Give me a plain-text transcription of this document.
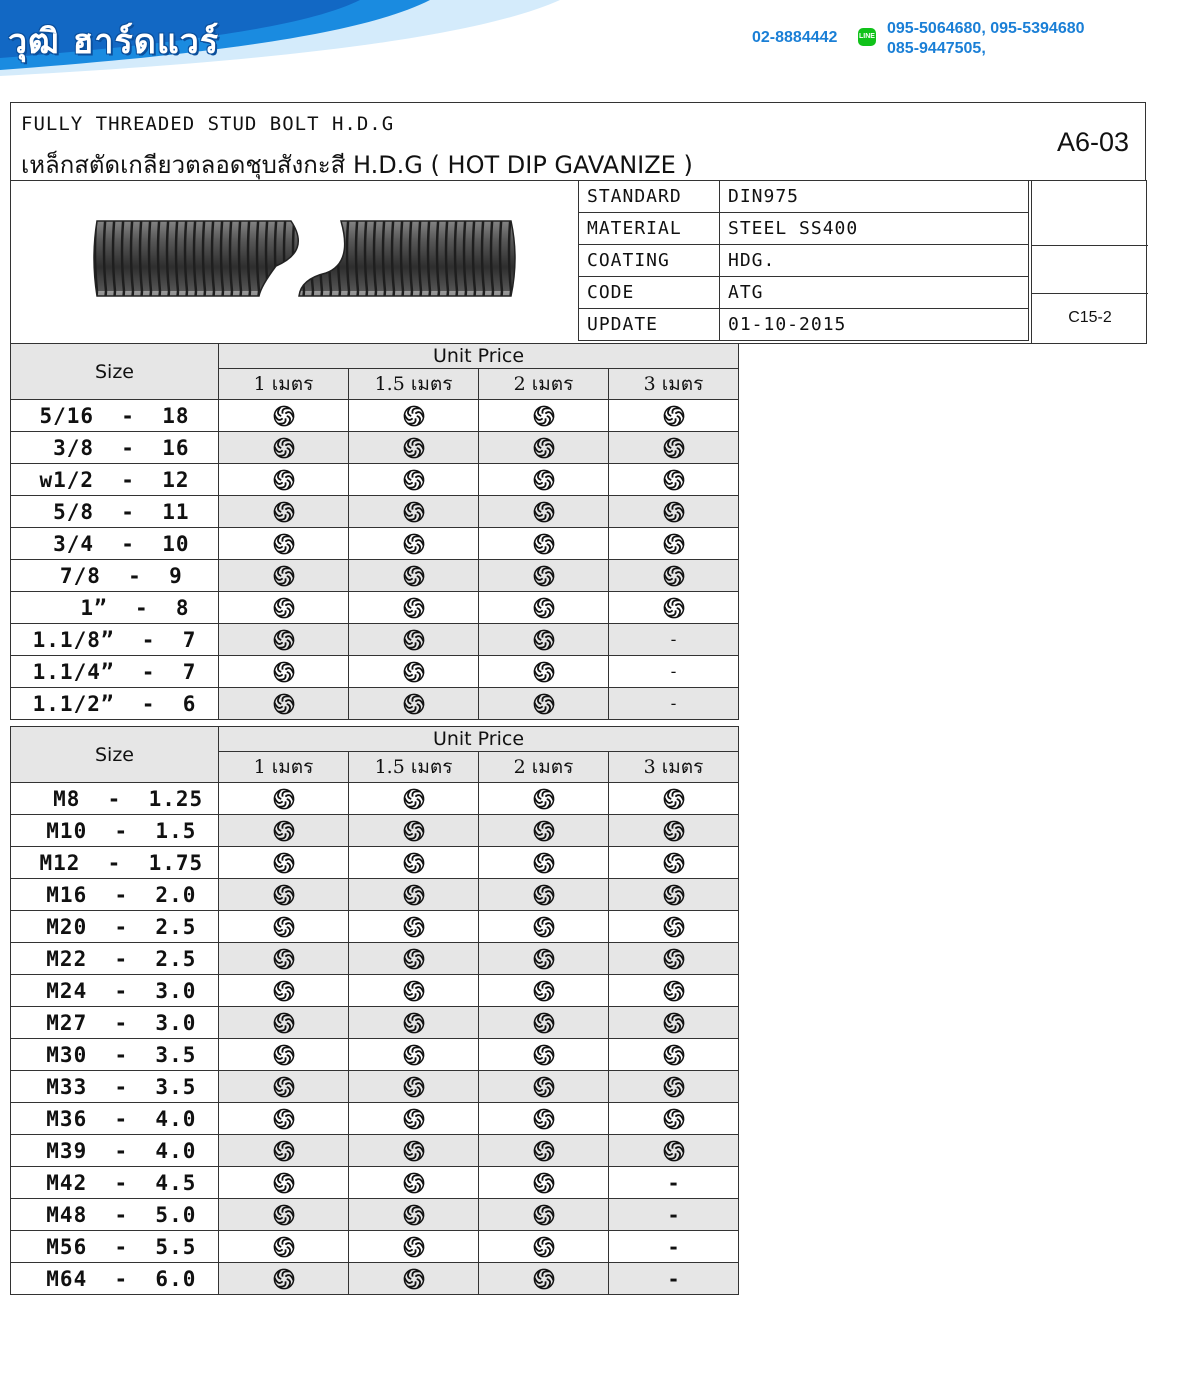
วุฒิ ฮาร์ดแวร์	02-8884442	LINE 095-5064680, 095-5394680
085-9447505,
FULLY THREADED STUD BOLT H.D.G
เหล็กสตัดเกลียวตลอดชุบสังกะสี H.D.G ( HOT DIP GAVANIZE )
A6-03
STANDARD	DIN975
MATERIAL	STEEL SS400
COATING	HDG.
CODE	ATG
UPDATE	01-10-2015	C15-2
Size	Unit Price			
	1 เมตร	1.5 เมตร	2 เมตร	3 เมตร
5/16  -  18				
3/8  -  16				
w1/2  -  12				
5/8  -  11				
3/4  -  10				
7/8  -  9				
1”  -  8				
1.1/8”  -  7				-
1.1/4”  -  7				-
1.1/2”  -  6				-
Size	Unit Price			
	1 เมตร	1.5 เมตร	2 เมตร	3 เมตร
M8  -  1.25				
M10  -  1.5				
M12  -  1.75				
M16  -  2.0				
M20  -  2.5				
M22  -  2.5				
M24  -  3.0				
M27  -  3.0				
M30  -  3.5				
M33  -  3.5				
M36  -  4.0				
M39  -  4.0				
M42  -  4.5				-
M48  -  5.0				-
M56  -  5.5				-
M64  -  6.0				-
